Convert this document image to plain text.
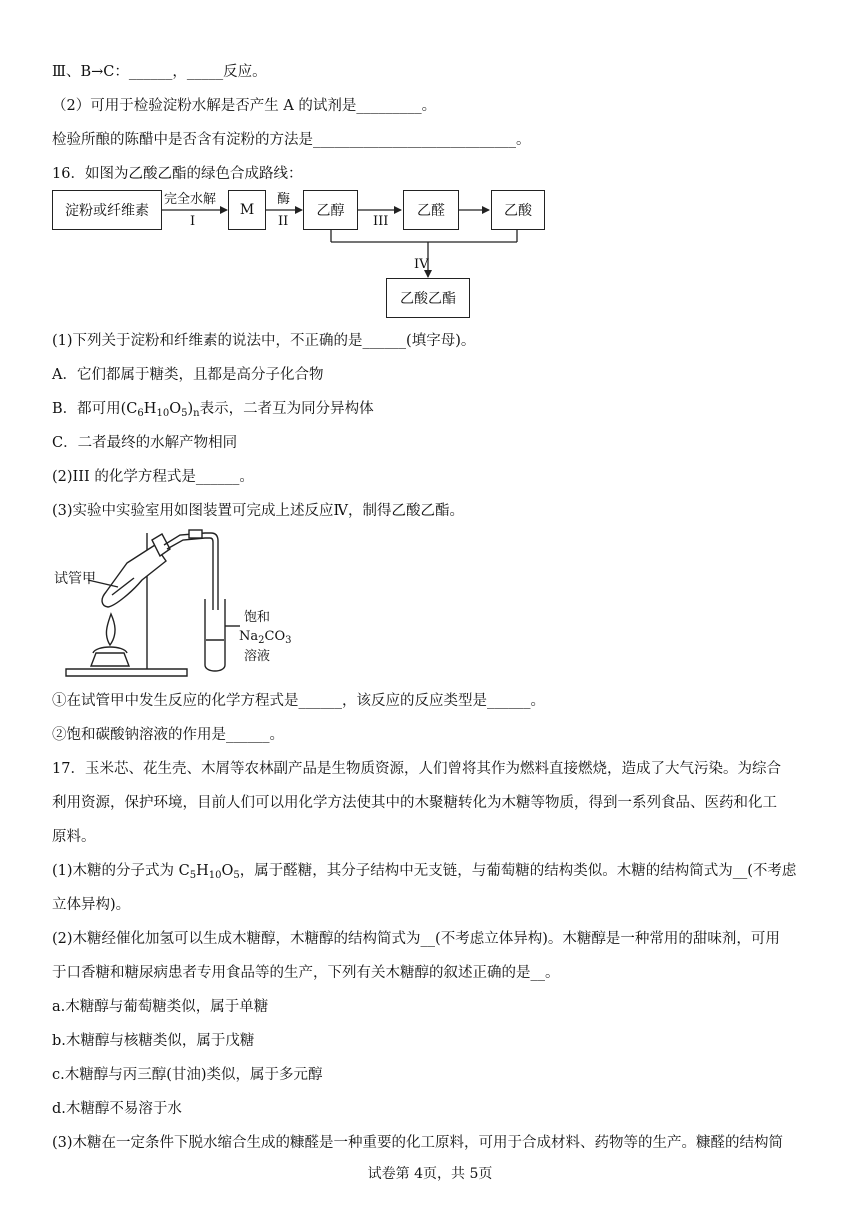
Ⅲ、B→C：______，_____反应。
（2）可用于检验淀粉水解是否产生 A 的试剂是_________。
检验所酿的陈醋中是否含有淀粉的方法是____________________________。
16．如图为乙酸乙酯的绿色合成路线：
淀粉或纤维素	M	乙醇	乙醛	乙酸
乙酸乙酯
完全水解
I
酶
II	III
IV
(1)下列关于淀粉和纤维素的说法中，不正确的是______(填字母)。
A．它们都属于糖类，且都是高分子化合物
B．都可用$(C_6H_{10}O_5)_n$表示，二者互为同分异构体
C．二者最终的水解产物相同
(2)III 的化学方程式是______。
(3)实验中实验室用如图装置可完成上述反应Ⅳ，制得乙酸乙酯。
试管甲
饱和
$Na_2CO_3$
溶液
①在试管甲中发生反应的化学方程式是______，该反应的反应类型是______。
②饱和碳酸钠溶液的作用是______。
17．玉米芯、花生壳、木屑等农林副产品是生物质资源，人们曾将其作为燃料直接燃烧，造成了大气污染。为综合
利用资源，保护环境，目前人们可以用化学方法使其中的木聚糖转化为木糖等物质，得到一系列食品、医药和化工
原料。
(1)木糖的分子式为 $C_5H_{10}O_5$，属于醛糖，其分子结构中无支链，与葡萄糖的结构类似。木糖的结构简式为__(不考虑
立体异构)。
(2)木糖经催化加氢可以生成木糖醇，木糖醇的结构简式为__(不考虑立体异构)。木糖醇是一种常用的甜味剂，可用
于口香糖和糖尿病患者专用食品等的生产，下列有关木糖醇的叙述正确的是__。
a.木糖醇与葡萄糖类似，属于单糖
b.木糖醇与核糖类似，属于戊糖
c.木糖醇与丙三醇(甘油)类似，属于多元醇
d.木糖醇不易溶于水
(3)木糖在一定条件下脱水缩合生成的糠醛是一种重要的化工原料，可用于合成材料、药物等的生产。糠醛的结构简
试卷第 4页，共 5页
